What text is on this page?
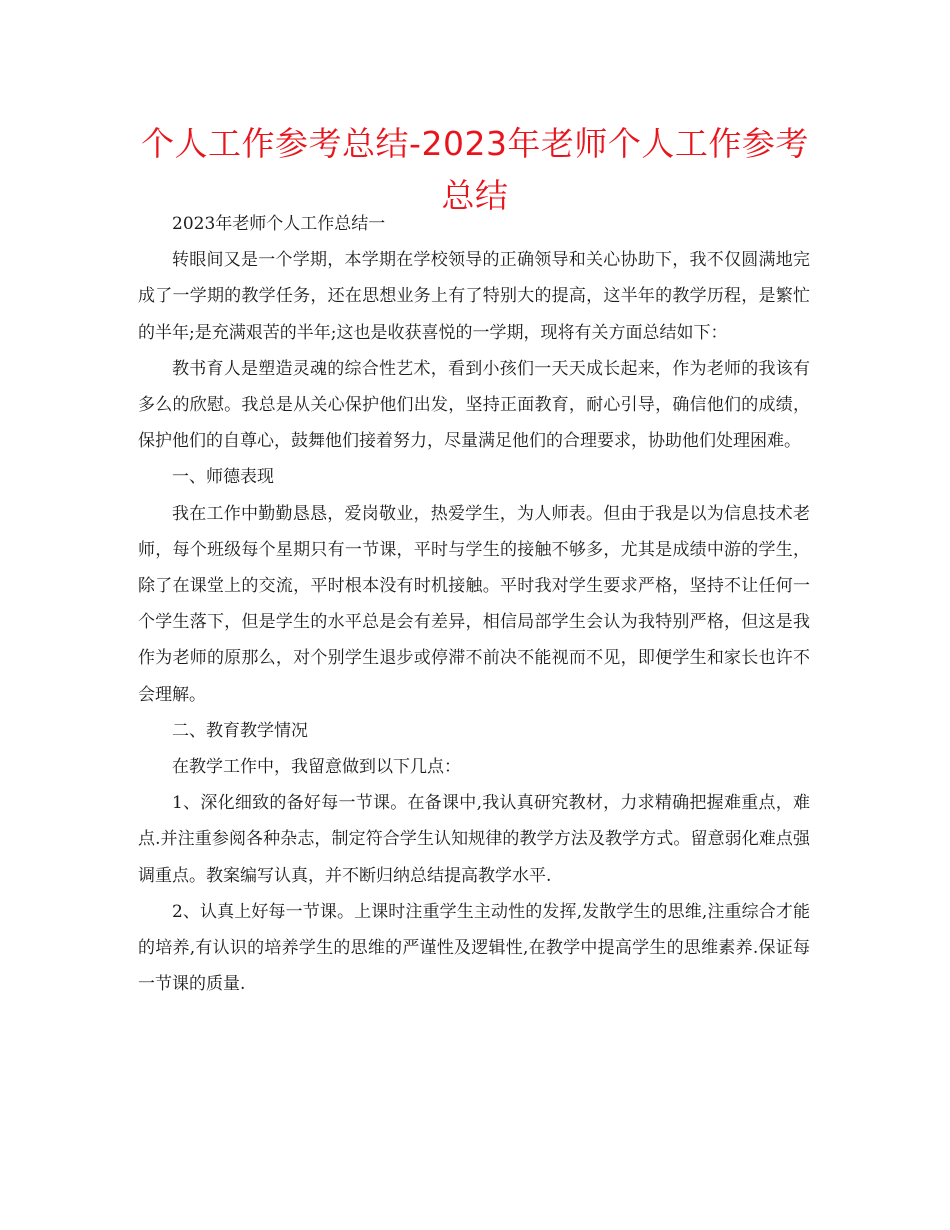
个人工作参考总结-2023年老师个人工作参考总结

2023年老师个人工作总结一

转眼间又是一个学期，本学期在学校领导的正确领导和关心协助下，我不仅圆满地完成了一学期的教学任务，还在思想业务上有了特别大的提高，这半年的教学历程，是繁忙的半年;是充满艰苦的半年;这也是收获喜悦的一学期，现将有关方面总结如下：

教书育人是塑造灵魂的综合性艺术，看到小孩们一天天成长起来，作为老师的我该有多么的欣慰。我总是从关心保护他们出发，坚持正面教育，耐心引导，确信他们的成绩，保护他们的自尊心，鼓舞他们接着努力，尽量满足他们的合理要求，协助他们处理困难。

一、师德表现

我在工作中勤勤恳恳，爱岗敬业，热爱学生，为人师表。但由于我是以为信息技术老师，每个班级每个星期只有一节课，平时与学生的接触不够多，尤其是成绩中游的学生，除了在课堂上的交流，平时根本没有时机接触。平时我对学生要求严格，坚持不让任何一个学生落下，但是学生的水平总是会有差异，相信局部学生会认为我特别严格，但这是我作为老师的原那么，对个别学生退步或停滞不前决不能视而不见，即便学生和家长也许不会理解。

二、教育教学情况

在教学工作中，我留意做到以下几点：

1、深化细致的备好每一节课。在备课中,我认真研究教材，力求精确把握难重点，难点.并注重参阅各种杂志，制定符合学生认知规律的教学方法及教学方式。留意弱化难点强调重点。教案编写认真，并不断归纳总结提高教学水平.

2、认真上好每一节课。上课时注重学生主动性的发挥,发散学生的思维,注重综合才能的培养,有认识的培养学生的思维的严谨性及逻辑性,在教学中提高学生的思维素养.保证每一节课的质量.
